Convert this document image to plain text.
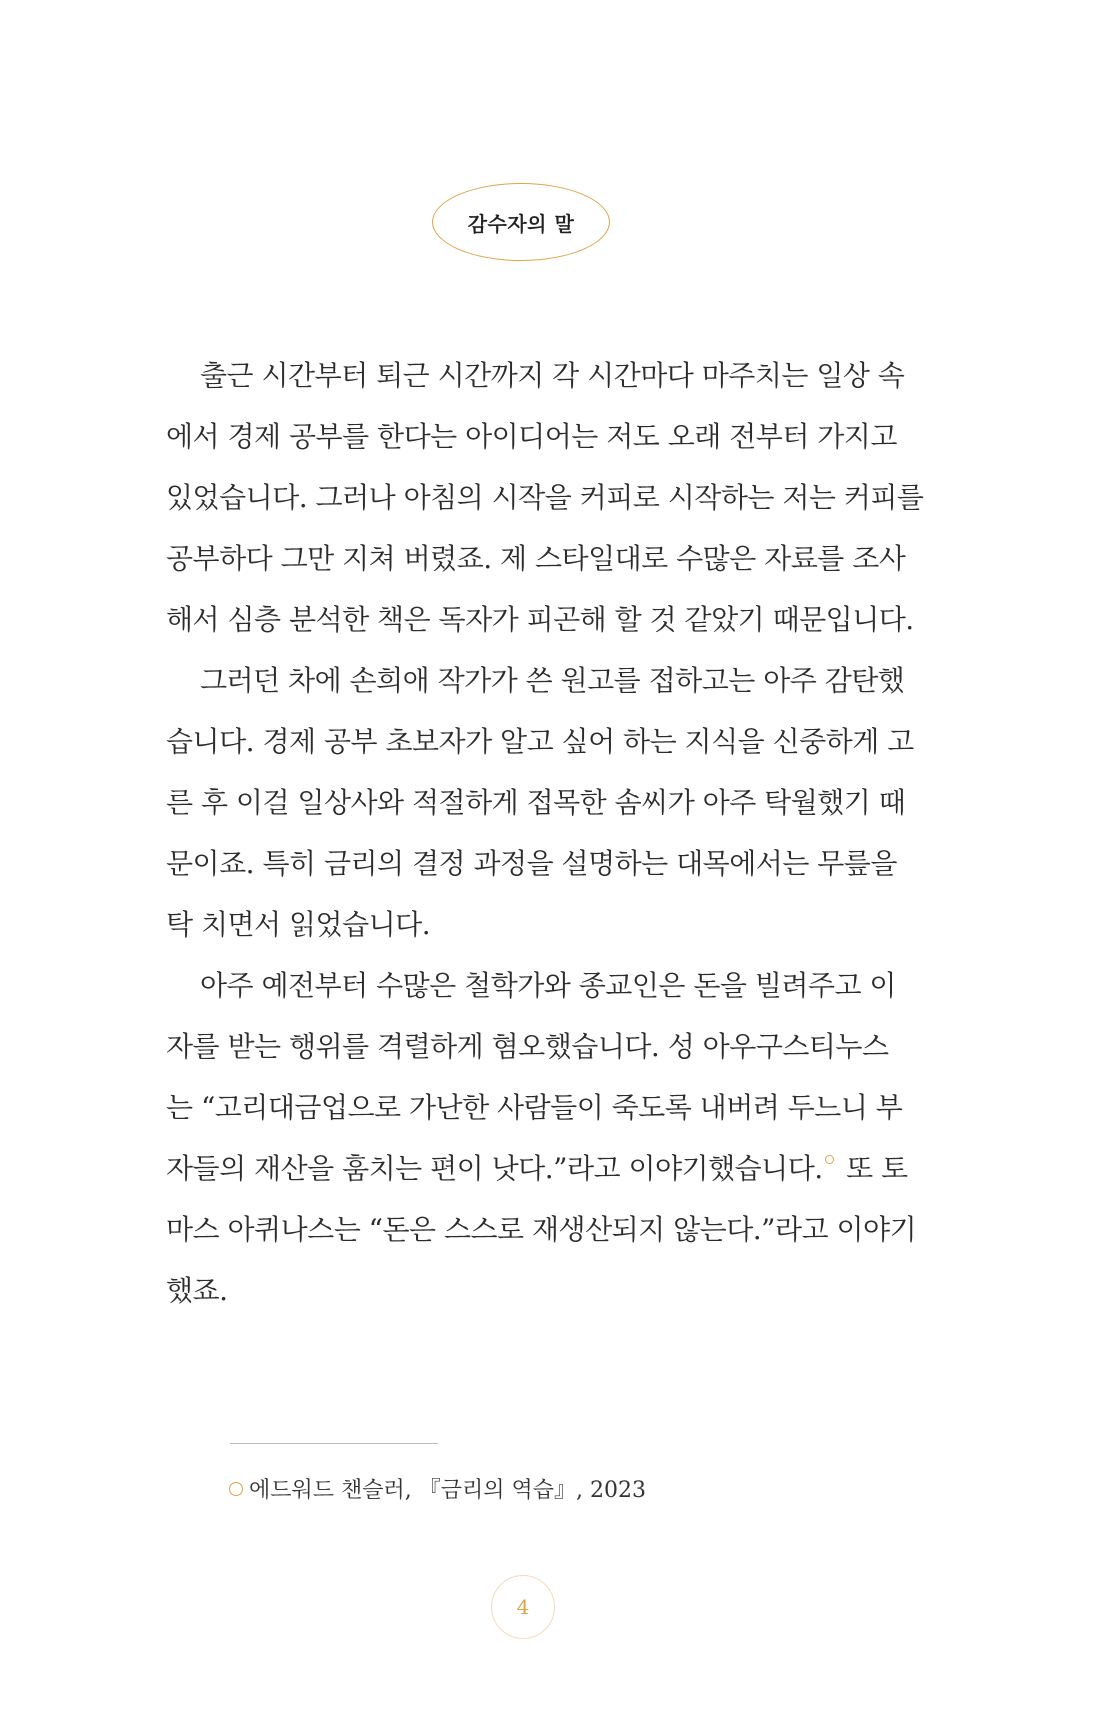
감수자의 말
출근 시간부터 퇴근 시간까지 각 시간마다 마주치는 일상 속
에서 경제 공부를 한다는 아이디어는 저도 오래 전부터 가지고
있었습니다. 그러나 아침의 시작을 커피로 시작하는 저는 커피를
공부하다 그만 지쳐 버렸죠. 제 스타일대로 수많은 자료를 조사
해서 심층 분석한 책은 독자가 피곤해 할 것 같았기 때문입니다.
그러던 차에 손희애 작가가 쓴 원고를 접하고는 아주 감탄했
습니다. 경제 공부 초보자가 알고 싶어 하는 지식을 신중하게 고
른 후 이걸 일상사와 적절하게 접목한 솜씨가 아주 탁월했기 때
문이죠. 특히 금리의 결정 과정을 설명하는 대목에서는 무릎을
탁 치면서 읽었습니다.
아주 예전부터 수많은 철학가와 종교인은 돈을 빌려주고 이
자를 받는 행위를 격렬하게 혐오했습니다. 성 아우구스티누스
는 “고리대금업으로 가난한 사람들이 죽도록 내버려 두느니 부
자들의 재산을 훔치는 편이 낫다.”라고 이야기했습니다. 또 토
마스 아퀴나스는 “돈은 스스로 재생산되지 않는다.”라고 이야기
했죠.
에드워드 챈슬러, 『금리의 역습』, 2023
4
